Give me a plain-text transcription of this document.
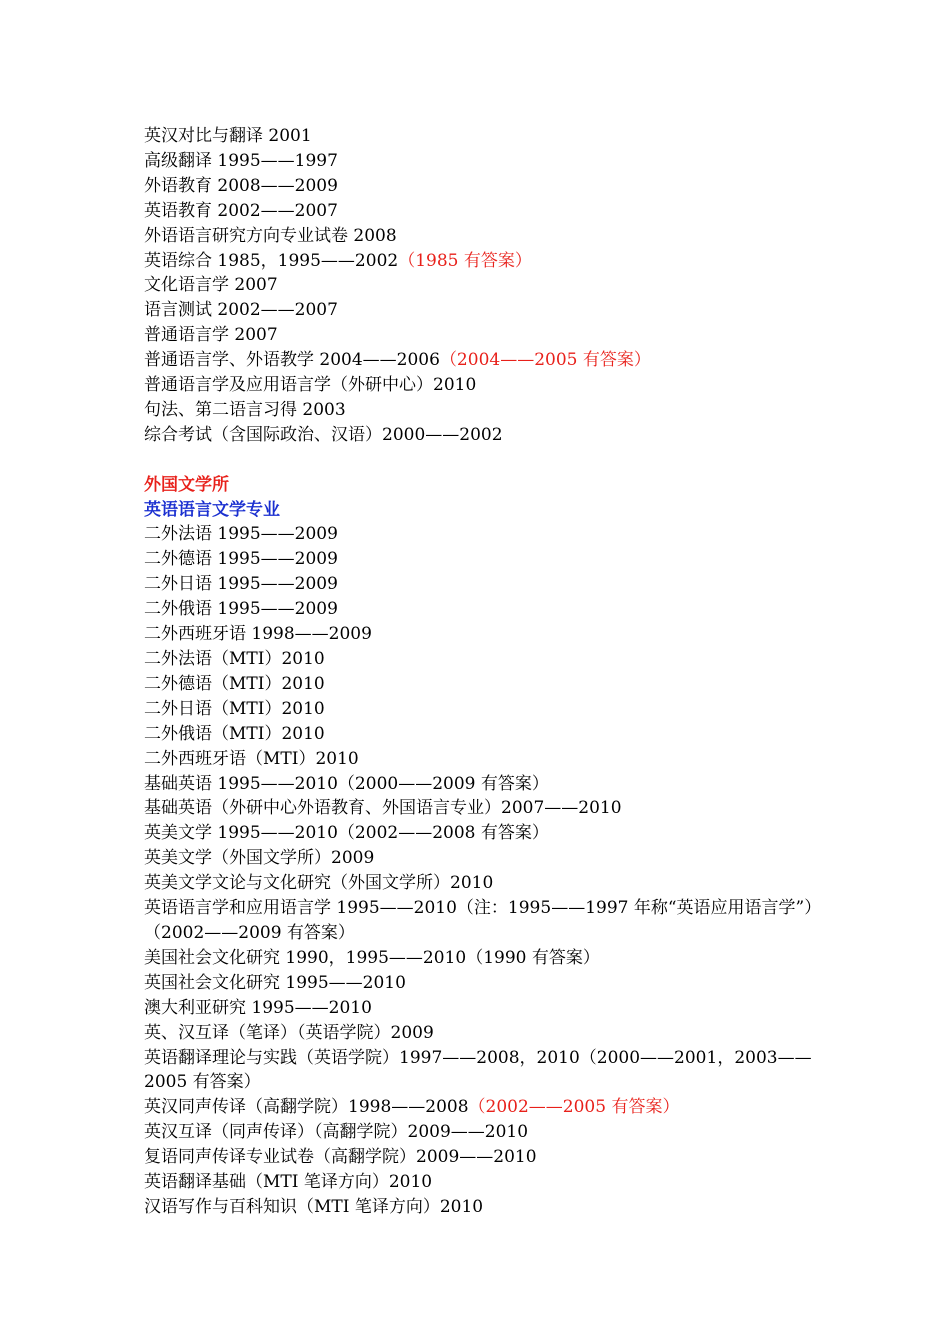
英汉对比与翻译 2001
高级翻译 1995——1997
外语教育 2008——2009
英语教育 2002——2007
外语语言研究方向专业试卷 2008
英语综合 1985，1995——2002（1985 有答案）
文化语言学 2007
语言测试 2002——2007
普通语言学 2007
普通语言学、外语教学 2004——2006（2004——2005 有答案）
普通语言学及应用语言学（外研中心）2010
句法、第二语言习得 2003
综合考试（含国际政治、汉语）2000——2002
外国文学所
英语语言文学专业
二外法语 1995——2009
二外德语 1995——2009
二外日语 1995——2009
二外俄语 1995——2009
二外西班牙语 1998——2009
二外法语（MTI）2010
二外德语（MTI）2010
二外日语（MTI）2010
二外俄语（MTI）2010
二外西班牙语（MTI）2010
基础英语 1995——2010（2000——2009 有答案）
基础英语（外研中心外语教育、外国语言专业）2007——2010
英美文学 1995——2010（2002——2008 有答案）
英美文学（外国文学所）2009
英美文学文论与文化研究（外国文学所）2010
英语语言学和应用语言学 1995——2010（注：1995——1997 年称“英语应用语言学”）（2002——2009 有答案）
美国社会文化研究 1990，1995——2010（1990 有答案）
英国社会文化研究 1995——2010
澳大利亚研究 1995——2010
英、汉互译（笔译）（英语学院）2009
英语翻译理论与实践（英语学院）1997——2008，2010（2000——2001，2003——2005 有答案）
英汉同声传译（高翻学院）1998——2008（2002——2005 有答案）
英汉互译（同声传译）（高翻学院）2009——2010
复语同声传译专业试卷（高翻学院）2009——2010
英语翻译基础（MTI 笔译方向）2010
汉语写作与百科知识（MTI 笔译方向）2010
